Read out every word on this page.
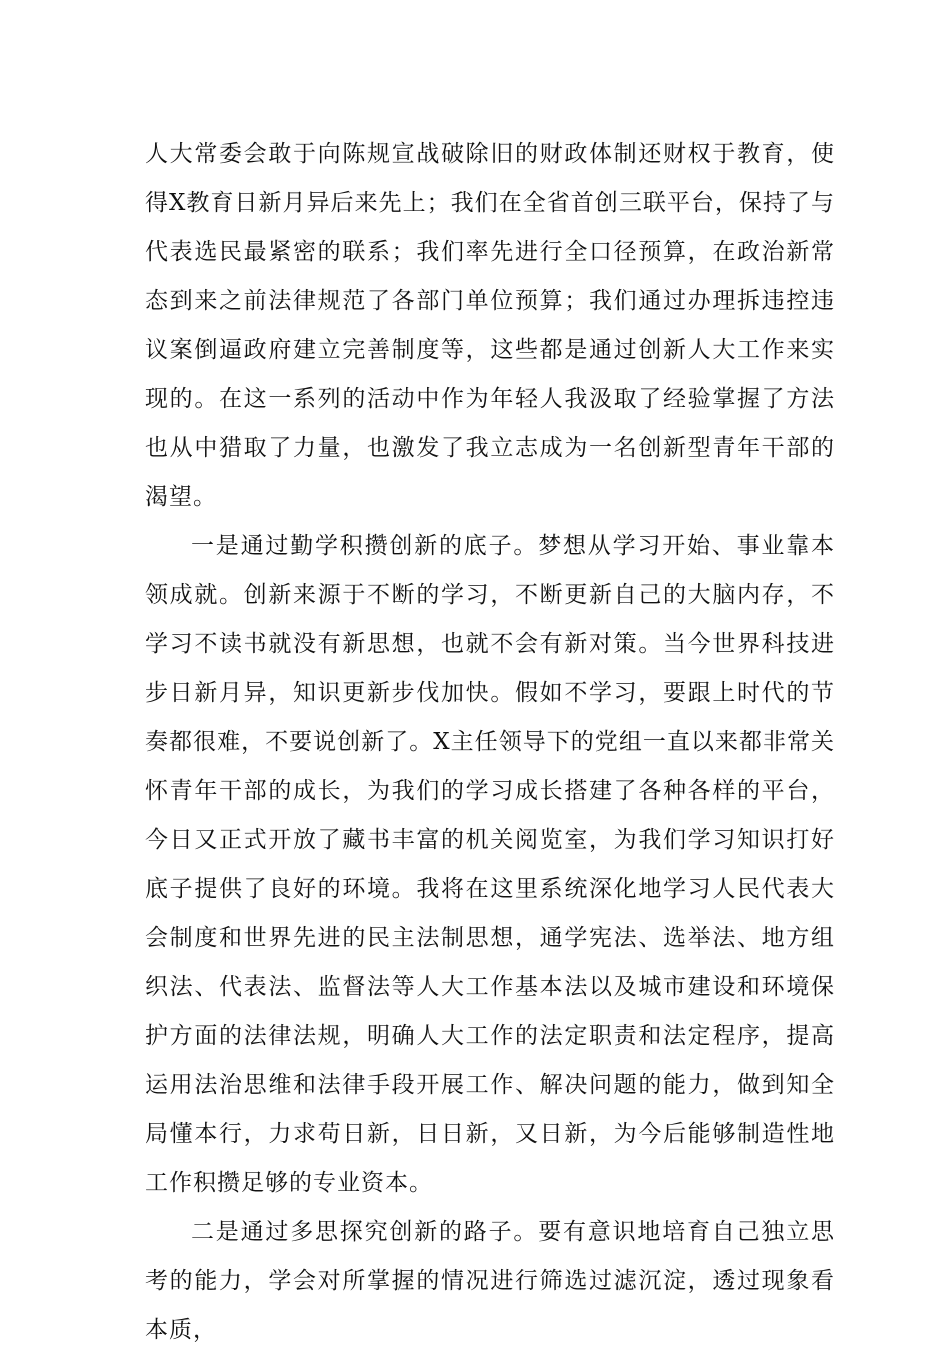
人大常委会敢于向陈规宣战破除旧的财政体制还财权于教育，使得X教育日新月异后来先上；我们在全省首创三联平台，保持了与代表选民最紧密的联系；我们率先进行全口径预算，在政治新常态到来之前法律规范了各部门单位预算；我们通过办理拆违控违议案倒逼政府建立完善制度等，这些都是通过创新人大工作来实现的。在这一系列的活动中作为年轻人我汲取了经验掌握了方法也从中猎取了力量，也激发了我立志成为一名创新型青年干部的渴望。

一是通过勤学积攒创新的底子。梦想从学习开始、事业靠本领成就。创新来源于不断的学习，不断更新自己的大脑内存，不学习不读书就没有新思想，也就不会有新对策。当今世界科技进步日新月异，知识更新步伐加快。假如不学习，要跟上时代的节奏都很难，不要说创新了。X主任领导下的党组一直以来都非常关怀青年干部的成长，为我们的学习成长搭建了各种各样的平台，今日又正式开放了藏书丰富的机关阅览室，为我们学习知识打好底子提供了良好的环境。我将在这里系统深化地学习人民代表大会制度和世界先进的民主法制思想，通学宪法、选举法、地方组织法、代表法、监督法等人大工作基本法以及城市建设和环境保护方面的法律法规，明确人大工作的法定职责和法定程序，提高运用法治思维和法律手段开展工作、解决问题的能力，做到知全局懂本行，力求苟日新，日日新，又日新，为今后能够制造性地工作积攒足够的专业资本。

二是通过多思探究创新的路子。要有意识地培育自己独立思考的能力，学会对所掌握的情况进行筛选过滤沉淀，透过现象看本质，
